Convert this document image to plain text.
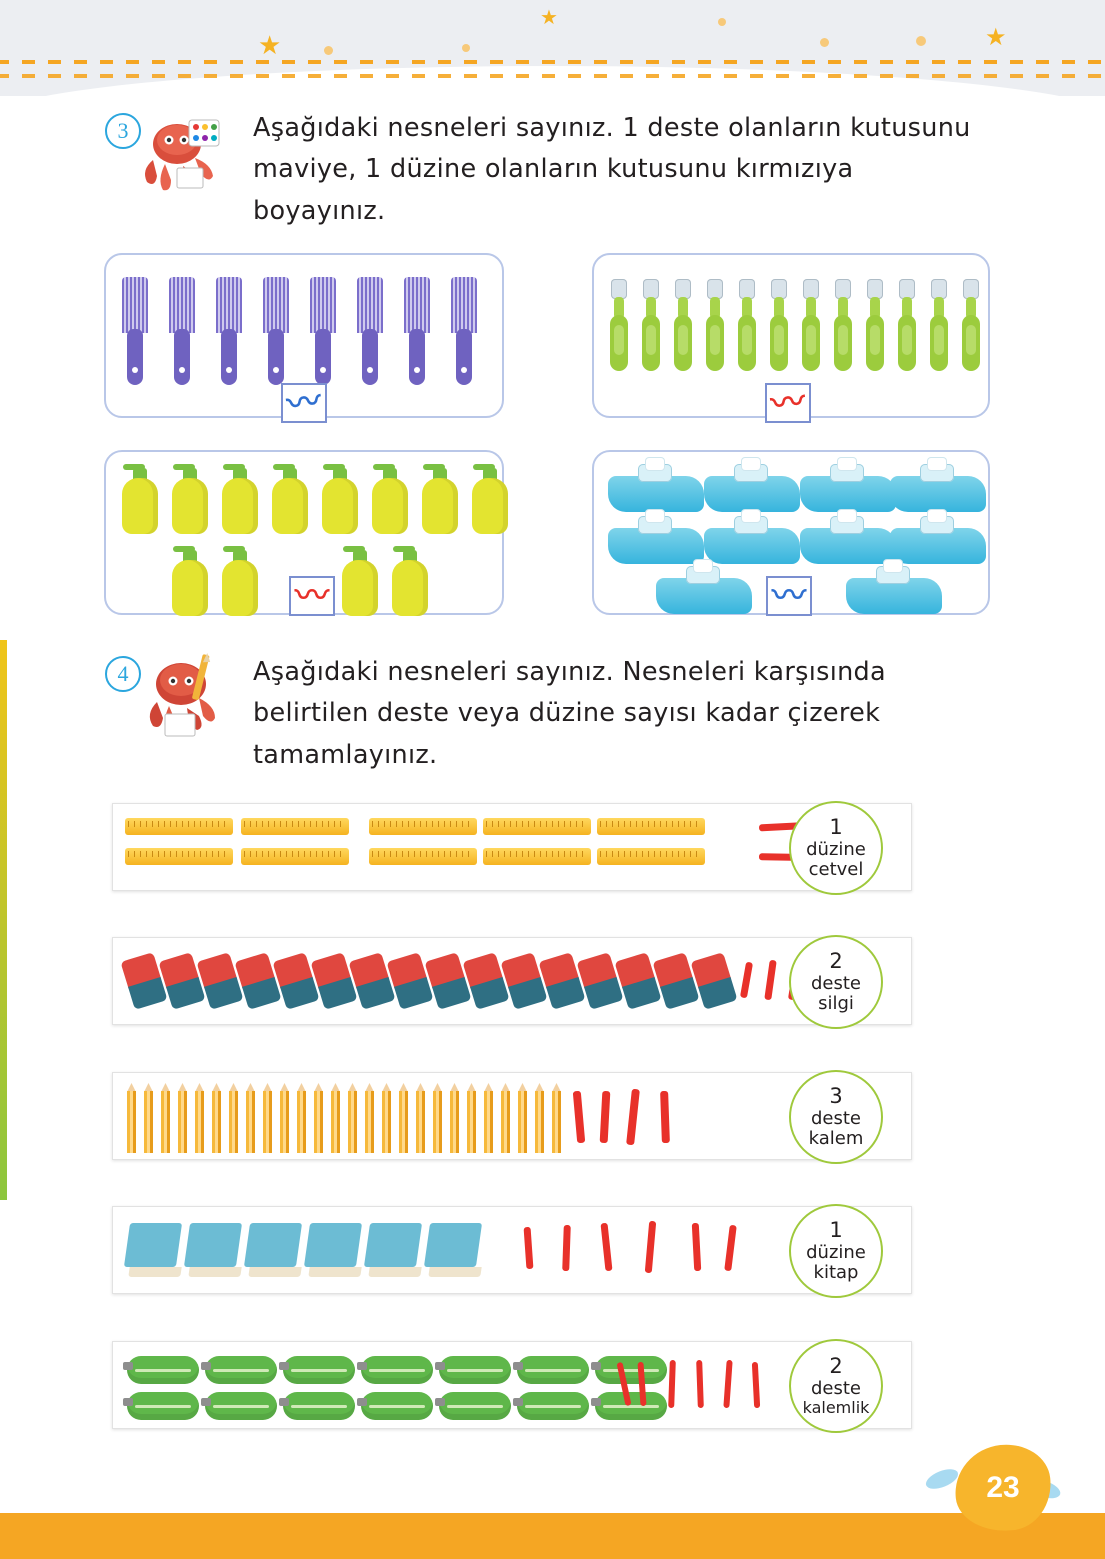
★
★
★
3	Aşağıdaki nesneleri sayınız. 1 deste olanların kutusunu maviye, 1 düzine olanların kutusunu kırmızıya boyayınız.
〰	〰
〰	〰
4	Aşağıdaki nesneleri sayınız. Nesneleri karşısında belirtilen deste veya düzine sayısı kadar çizerek tamamlayınız.
1
düzine
cetvel
2
deste
silgi
3
deste
kalem
1
düzine
kitap
2
deste
kalemlik
23
